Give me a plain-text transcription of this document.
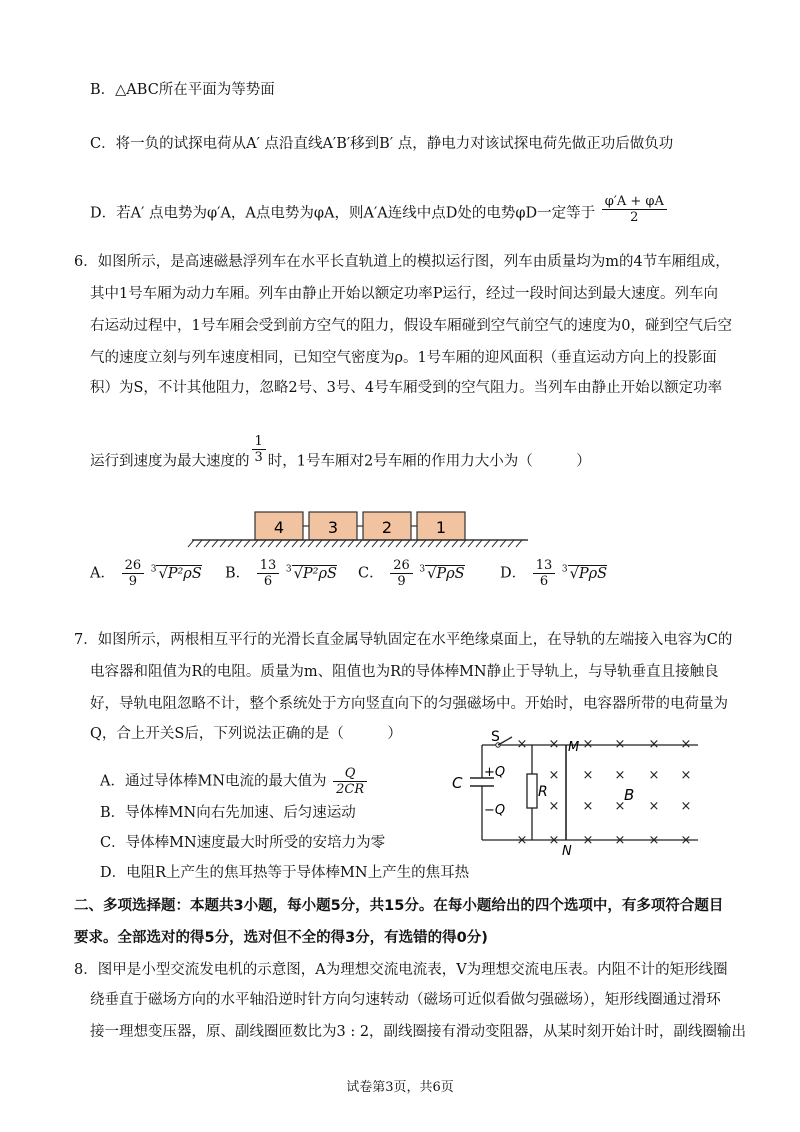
B．△ABC所在平面为等势面
C．将一负的试探电荷从A′ 点沿直线A′B′移到B′ 点，静电力对该试探电荷先做正功后做负功
D．若A′ 点电势为φ′A，A点电势为φA，则A′A连线中点D处的电势φD一定等于 $\frac{\varphi'A + \varphi A}{2}$
6．如图所示，是高速磁悬浮列车在水平长直轨道上的模拟运行图，列车由质量均为m的4节车厢组成，
其中1号车厢为动力车厢。列车由静止开始以额定功率P运行，经过一段时间达到最大速度。列车向
右运动过程中，1号车厢会受到前方空气的阻力，假设车厢碰到空气前空气的速度为0，碰到空气后空
气的速度立刻与列车速度相同，已知空气密度为ρ。1号车厢的迎风面积（垂直运动方向上的投影面
积）为S，不计其他阻力，忽略2号、3号、4号车厢受到的空气阻力。当列车由静止开始以额定功率
运行到速度为最大速度的 $\frac{1}{3}$ 时，1号车厢对2号车厢的作用力大小为（　　　）
4	3	2	1
A． $\frac{26}{9} ^3$ √P²ρS B． $\frac{13}{6} ^3$ √P²ρS C． $\frac{26}{9} ^3$ √PρS D． $\frac{13}{6} ^3$ √PρS
7．如图所示，两根相互平行的光滑长直金属导轨固定在水平绝缘桌面上，在导轨的左端接入电容为C的
电容器和阻值为R的电阻。质量为m、阻值也为R的导体棒MN静止于导轨上，与导轨垂直且接触良
好，导轨电阻忽略不计，整个系统处于方向竖直向下的匀强磁场中。开始时，电容器所带的电荷量为
Q，合上开关S后，下列说法正确的是（　　　）
A．通过导体棒MN电流的最大值为 $\frac{Q}{2CR}$
B．导体棒MN向右先加速、后匀速运动
C．导体棒MN速度最大时所受的安培力为零
D．电阻R上产生的焦耳热等于导体棒MN上产生的焦耳热
S
C
+Q
−Q
R
M
N
B
× × × × × ×
× × × ×
× × × ×
× × × × × ×
×
×
二、多项选择题：本题共3小题，每小题5分，共15分。在每小题给出的四个选项中，有多项符合题目
要求。全部选对的得5分，选对但不全的得3分，有选错的得0分)
8．图甲是小型交流发电机的示意图，A为理想交流电流表，V为理想交流电压表。内阻不计的矩形线圈
绕垂直于磁场方向的水平轴沿逆时针方向匀速转动（磁场可近似看做匀强磁场），矩形线圈通过滑环
接一理想变压器，原、副线圈匝数比为3 : 2，副线圈接有滑动变阻器，从某时刻开始计时，副线圈输出
试卷第3页，共6页
